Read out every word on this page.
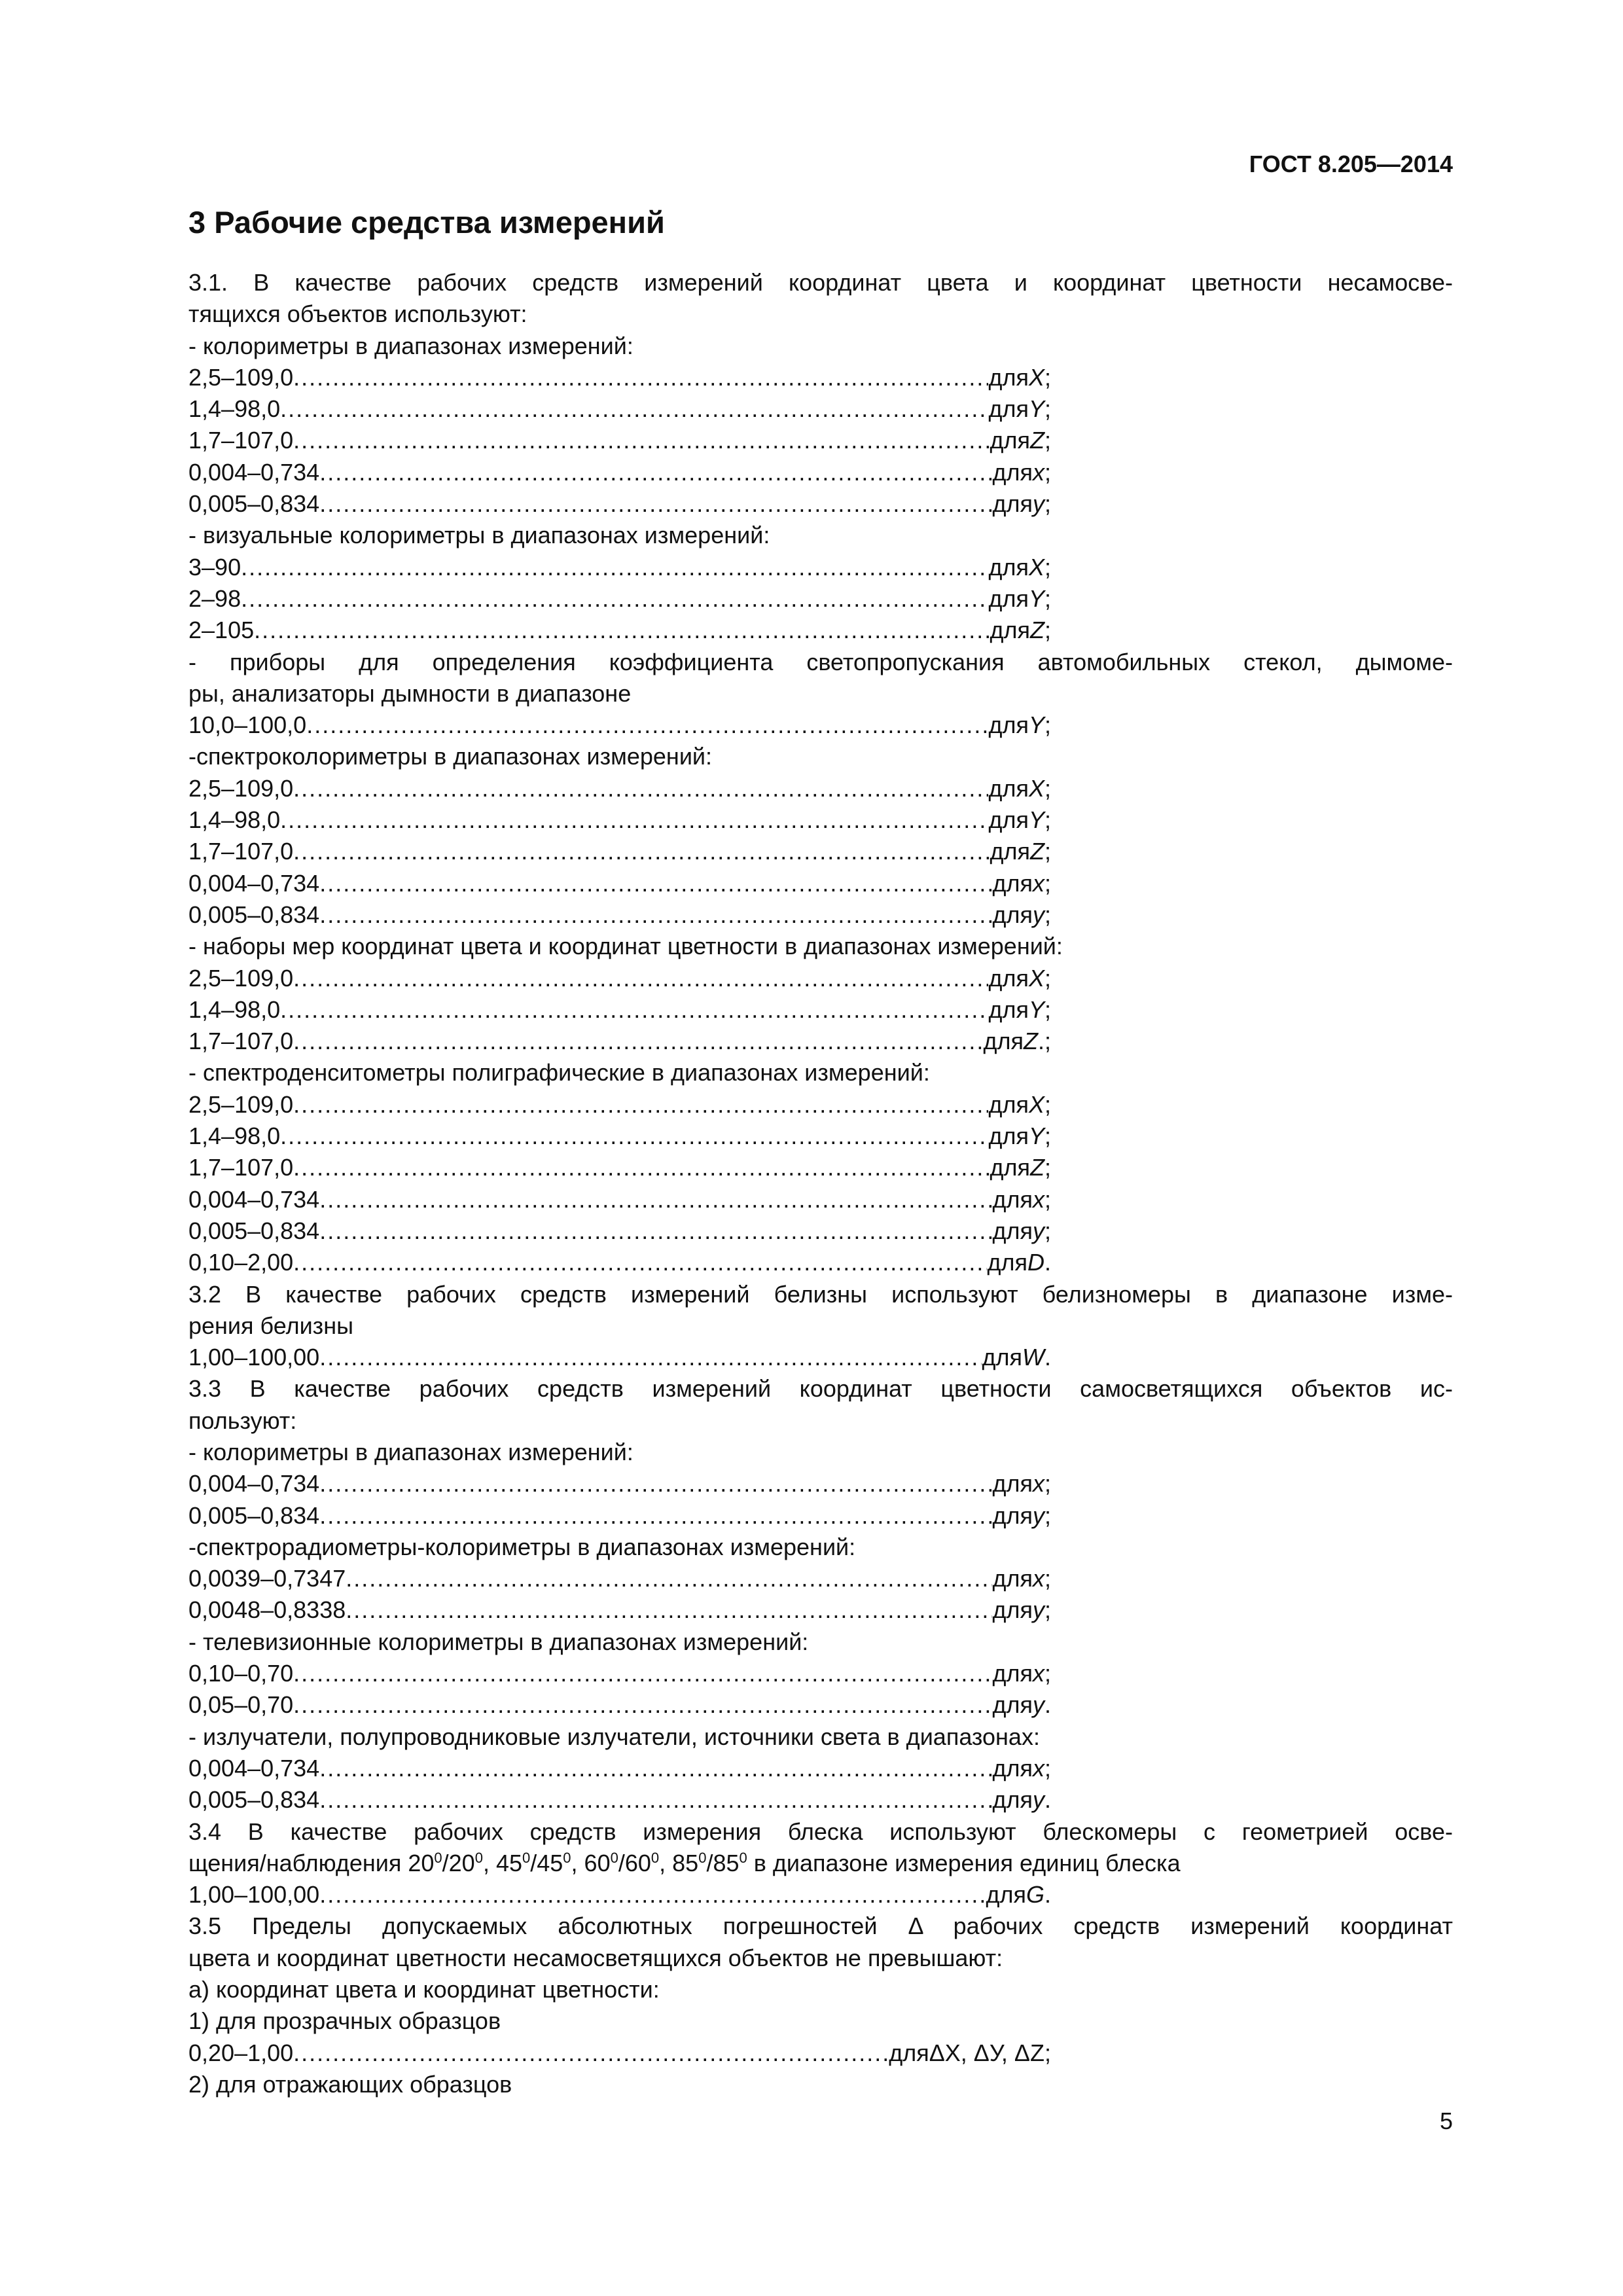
ГОСТ 8.205—2014
3 Рабочие средства измерений
3.1. В качестве рабочих средств измерений координат цвета и координат цветности несамосве-
тящихся объектов используют:
- колориметры в диапазонах измерений:
2,5–109,0 .....	для X ;
1,4–98,0 .....	для Y ;
1,7–107,0 .....	для Z ;
0,004–0,734 .....	для x ;
0,005–0,834 .....	для y ;
- визуальные колориметры в диапазонах измерений:
3–90 .....	для X ;
2–98 .....	для Y ;
2–105 .....	для Z ;
- приборы для определения коэффициента светопропускания автомобильных стекол, дымоме-
ры, анализаторы дымности в диапазоне
10,0–100,0 .....	для Y ;
-спектроколориметры в диапазонах измерений:
2,5–109,0 .....	для X ;
1,4–98,0 .....	для Y ;
1,7–107,0 .....	для Z ;
0,004–0,734 .....	для x ;
0,005–0,834 .....	для y ;
- наборы мер координат цвета и координат цветности в диапазонах измерений:
2,5–109,0 .....	для X ;
1,4–98,0 .....	для Y ;
1,7–107,0 .....	для Z .;
- спектроденситометры полиграфические в диапазонах измерений:
2,5–109,0 .....	для X ;
1,4–98,0 .....	для Y ;
1,7–107,0 .....	для Z ;
0,004–0,734 .....	для x ;
0,005–0,834 .....	для y ;
0,10–2,00 .....	для D .
3.2 В качестве рабочих средств измерений белизны используют белизномеры в диапазоне изме-
рения белизны
1,00–100,00 .....	для W .
3.3 В качестве рабочих средств измерений координат цветности самосветящихся объектов ис-
пользуют:
- колориметры в диапазонах измерений:
0,004–0,734 .....	для x ;
0,005–0,834 .....	для y ;
-спектрорадиометры-колориметры в диапазонах измерений:
0,0039–0,7347 .....	для x ;
0,0048–0,8338 .....	для y ;
- телевизионные колориметры в диапазонах измерений:
0,10–0,70 .....	для x ;
0,05–0,70 .....	для y .
- излучатели, полупроводниковые излучатели, источники света в диапазонах:
0,004–0,734 .....	для x ;
0,005–0,834 .....	для y .
3.4 В качестве рабочих средств измерения блеска используют блескомеры с геометрией осве-
щения/наблюдения $20^0/20^0$, $45^0/45^0$, $60^0/60^0$, $85^0/85^0$ в диапазоне измерения единиц блеска
1,00–100,00 .....	для G .
3.5 Пределы допускаемых абсолютных погрешностей Δ рабочих средств измерений координат
цвета и координат цветности несамосветящихся объектов не превышают:
а) координат цвета и координат цветности:
1) для прозрачных образцов
0,20–1,00 .....	для ΔX, ΔУ, ΔZ ;
2) для отражающих образцов
5
